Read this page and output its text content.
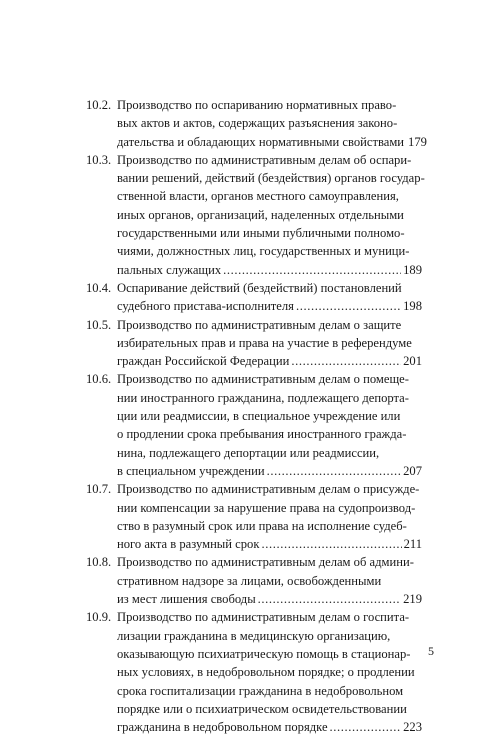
10.2. Производство по оспариванию нормативных право-
вых актов и актов, содержащих разъяснения законо-
дательства и обладающих нормативными свойствами 179
10.3. Производство по административным делам об оспари-
вании решений, действий (бездействия) органов государ-
ственной власти, органов местного самоуправления,
иных органов, организаций, наделенных отдельными
государственными или иными публичными полномо-
чиями, должностных лиц, государственных и муници-
пальных служащих .....	189
10.4. Оспаривание действий (бездействий) постановлений
судебного пристава-исполнителя .....	198
10.5. Производство по административным делам о защите
избирательных прав и права на участие в референдуме
граждан Российской Федерации .....	201
10.6. Производство по административным делам о помеще-
нии иностранного гражданина, подлежащего депорта-
ции или реадмиссии, в специальное учреждение или
о продлении срока пребывания иностранного гражда-
нина, подлежащего депортации или реадмиссии,
в специальном учреждении .....	207
10.7. Производство по административным делам о присужде-
нии компенсации за нарушение права на судопроизвод-
ство в разумный срок или права на исполнение судеб-
ного акта в разумный срок .....	211
10.8. Производство по административным делам об админи-
стративном надзоре за лицами, освобожденными
из мест лишения свободы .....	219
10.9. Производство по административным делам о госпита-
лизации гражданина в медицинскую организацию,
оказывающую психиатрическую помощь в стационар-
ных условиях, в недобровольном порядке; о продлении
срока госпитализации гражданина в недобровольном
порядке или о психиатрическом освидетельствовании
гражданина в недобровольном порядке .....	223
5
